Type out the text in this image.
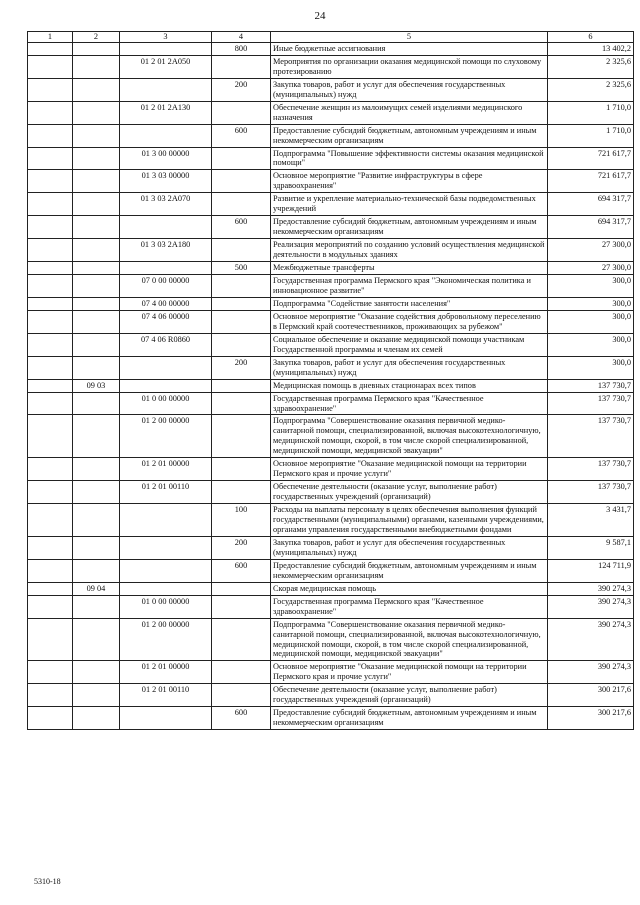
24
1	2	3	4	5	6
			800	Иные бюджетные ассигнования	13 402,2
		01 2 01 2А050		Мероприятия по организации оказания медицинской помощи по слуховому протезированию	2 325,6
			200	Закупка товаров, работ и услуг для обеспечения государственных (муниципальных) нужд	2 325,6
		01 2 01 2А130		Обеспечение женщин из малоимущих семей изделиями медицинского назначения	1 710,0
			600	Предоставление субсидий бюджетным, автономным учреждениям и иным некоммерческим организациям	1 710,0
		01 3 00 00000		Подпрограмма "Повышение эффективности системы оказания медицинской помощи"	721 617,7
		01 3 03 00000		Основное мероприятие "Развитие инфраструктуры в сфере здравоохранения"	721 617,7
		01 3 03 2А070		Развитие и укрепление материально-технической базы подведомственных учреждений	694 317,7
			600	Предоставление субсидий бюджетным, автономным учреждениям и иным некоммерческим организациям	694 317,7
		01 3 03 2А180		Реализация мероприятий по созданию условий осуществления медицинской деятельности в модульных зданиях	27 300,0
			500	Межбюджетные трансферты	27 300,0
		07 0 00 00000		Государственная программа Пермского края "Экономическая политика и инновационное развитие"	300,0
		07 4 00 00000		Подпрограмма "Содействие занятости населения"	300,0
		07 4 06 00000		Основное мероприятие "Оказание содействия добровольному переселению в Пермский край соотечественников, проживающих за рубежом"	300,0
		07 4 06 R0860		Социальное обеспечение и оказание медицинской помощи участникам Государственной программы и членам их семей	300,0
			200	Закупка товаров, работ и услуг для обеспечения государственных (муниципальных) нужд	300,0
	09 03			Медицинская помощь в дневных стационарах всех типов	137 730,7
		01 0 00 00000		Государственная программа Пермского края "Качественное здравоохранение"	137 730,7
		01 2 00 00000		Подпрограмма "Совершенствование оказания первичной медико-санитарной помощи, специализированной, включая высокотехнологичную, медицинской помощи, скорой, в том числе скорой специализированной, медицинской помощи, медицинской эвакуации"	137 730,7
		01 2 01 00000		Основное мероприятие "Оказание медицинской помощи на территории Пермского края и прочие услуги"	137 730,7
		01 2 01 00110		Обеспечение деятельности (оказание услуг, выполнение работ) государственных учреждений (организаций)	137 730,7
			100	Расходы на выплаты персоналу в целях обеспечения выполнения функций государственными (муниципальными) органами, казенными учреждениями, органами управления государственными внебюджетными фондами	3 431,7
			200	Закупка товаров, работ и услуг для обеспечения государственных (муниципальных) нужд	9 587,1
			600	Предоставление субсидий бюджетным, автономным учреждениям и иным некоммерческим организациям	124 711,9
	09 04			Скорая медицинская помощь	390 274,3
		01 0 00 00000		Государственная программа Пермского края "Качественное здравоохранение"	390 274,3
		01 2 00 00000		Подпрограмма "Совершенствование оказания первичной медико-санитарной помощи, специализированной, включая высокотехнологичную, медицинской помощи, скорой, в том числе скорой специализированной, медицинской помощи, медицинской эвакуации"	390 274,3
		01 2 01 00000		Основное мероприятие "Оказание медицинской помощи на территории Пермского края и прочие услуги"	390 274,3
		01 2 01 00110		Обеспечение деятельности (оказание услуг, выполнение работ) государственных учреждений (организаций)	300 217,6
			600	Предоставление субсидий бюджетным, автономным учреждениям и иным некоммерческим организациям	300 217,6
5310-18
